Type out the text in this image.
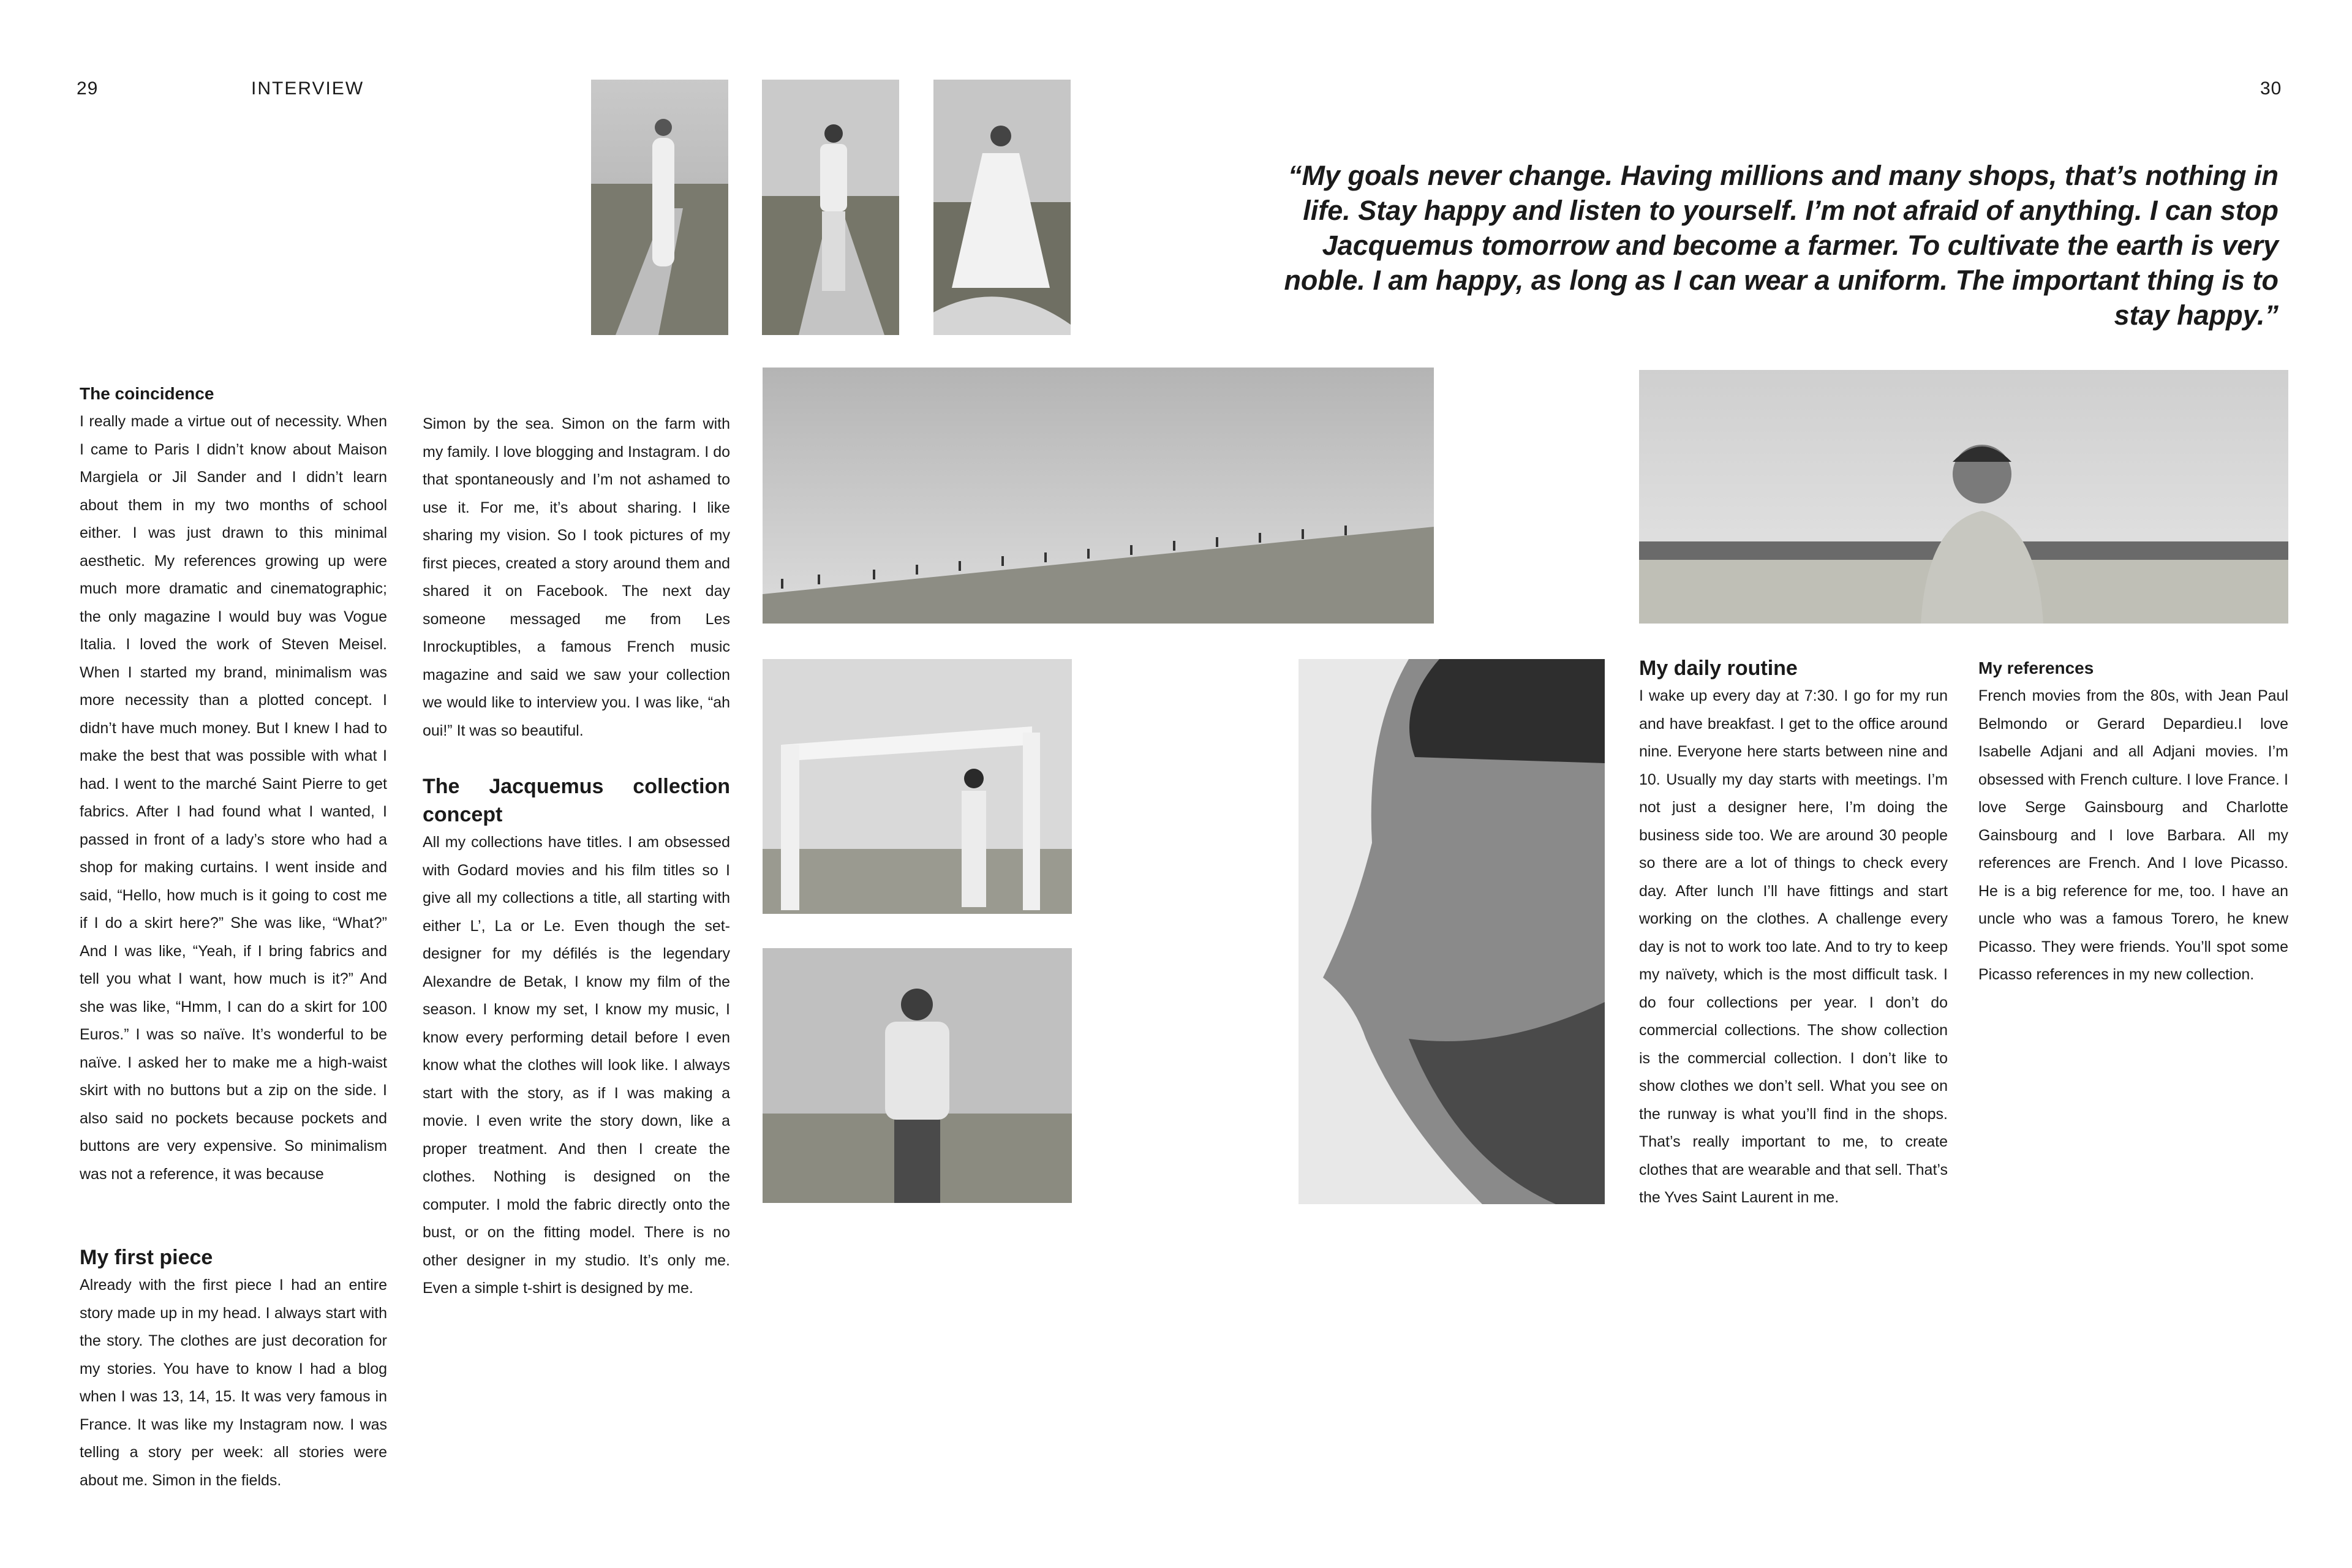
29	INTERVIEW	30
“My goals never change. Having millions and many shops, that’s nothing in life. Stay happy and listen to yourself. I’m not afraid of anything. I can stop Jacquemus tomorrow and become a farmer. To cultivate the earth is very noble. I am happy, as long as I can wear a uniform. The important thing is to stay happy.”
The coincidence

I really made a virtue out of necessity. When I came to Paris I didn’t know about Maison Margiela or Jil Sander and I didn’t learn about them in my two months of school either. I was just drawn to this minimal aesthetic. My references growing up were much more dramatic and cinematographic; the only magazine I would buy was Vogue Italia. I loved the work of Steven Meisel. When I started my brand, minimalism was more necessity than a plotted concept. I didn’t have much money. But I knew I had to make the best that was possible with what I had. I went to the marché Saint Pierre to get fabrics. After I had found what I wanted, I passed in front of a lady’s store who had a shop for making curtains. I went inside and said, “Hello, how much is it going to cost me if I do a skirt here?” She was like, “What?” And I was like, “Yeah, if I bring fabrics and tell you what I want, how much is it?” And she was like, “Hmm, I can do a skirt for 100 Euros.” I was so naïve. It’s wonderful to be naïve. I asked her to make me a high-waist skirt with no buttons but a zip on the side. I also said no pockets because pockets and buttons are very expensive. So minimalism was not a reference, it was because

My first piece

Already with the first piece I had an entire story made up in my head. I always start with the story. The clothes are just decoration for my stories. You have to know I had a blog when I was 13, 14, 15. It was very famous in France. It was like my Instagram now. I was telling a story per week: all stories were about me. Simon in the fields.

Simon by the sea. Simon on the farm with my family. I love blogging and Instagram. I do that spontaneously and I’m not ashamed to use it. For me, it’s about sharing. I like sharing my vision. So I took pictures of my first pieces, created a story around them and shared it on Facebook. The next day someone messaged me from Les Inrockuptibles, a famous French music magazine and said we saw your collection we would like to interview you. I was like, “ah oui!” It was so beautiful.

The Jacquemus collection concept

All my collections have titles. I am obsessed with Godard movies and his film titles so I give all my collections a title, all starting with either L’, La or Le. Even though the set-designer for my défilés is the legendary Alexandre de Betak, I know my film of the season. I know my set, I know my music, I know every performing detail before I even know what the clothes will look like. I always start with the story, as if I was making a movie. I even write the story down, like a proper treatment. And then I create the clothes. Nothing is designed on the computer. I mold the fabric directly onto the bust, or on the fitting model. There is no other designer in my studio. It’s only me. Even a simple t-shirt is designed by me.

My daily routine

I wake up every day at 7:30. I go for my run and have breakfast. I get to the office around nine. Everyone here starts between nine and 10. Usually my day starts with meetings. I’m not just a designer here, I’m doing the business side too. We are around 30 people so there are a lot of things to check every day. After lunch I’ll have fittings and start working on the clothes. A challenge every day is not to work too late. And to try to keep my naïvety, which is the most difficult task. I do four collections per year. I don’t do commercial collections. The show collection is the commercial collection. I don’t like to show clothes we don’t sell. What you see on the runway is what you’ll find in the shops. That’s really important to me, to create clothes that are wearable and that sell. That’s the Yves Saint Laurent in me.

My references

French movies from the 80s, with Jean Paul Belmondo or Gerard Depardieu.I love Isabelle Adjani and all Adjani movies. I’m obsessed with French culture. I love France. I love Serge Gainsbourg and Charlotte Gainsbourg and I love Barbara. All my references are French. And I love Picasso. He is a big reference for me, too. I have an uncle who was a famous Torero, he knew Picasso. They were friends. You’ll spot some Picasso references in my new collection.
